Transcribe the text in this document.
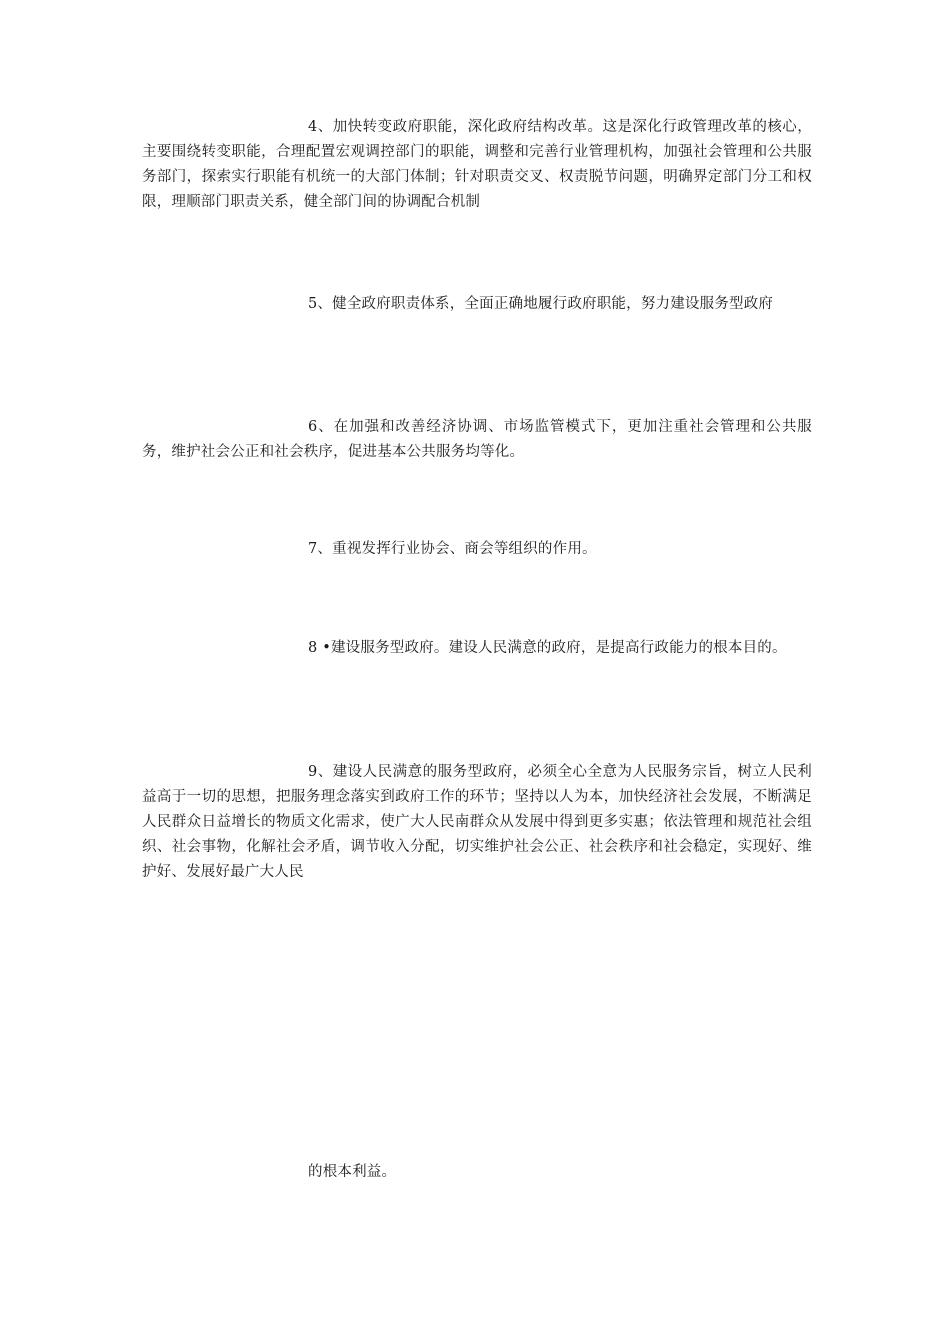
4、加快转变政府职能，深化政府结构改革。这是深化行政管理改革的核心，主要围绕转变职能，合理配置宏观调控部门的职能，调整和完善行业管理机构，加强社会管理和公共服务部门，探索实行职能有机统一的大部门体制；针对职责交叉、权责脱节问题，明确界定部门分工和权限，理顺部门职责关系，健全部门间的协调配合机制

5、健全政府职责体系，全面正确地履行政府职能，努力建设服务型政府

6、在加强和改善经济协调、市场监管模式下，更加注重社会管理和公共服务，维护社会公正和社会秩序，促进基本公共服务均等化。

7、重视发挥行业协会、商会等组织的作用。

8 •建设服务型政府。建设人民满意的政府，是提高行政能力的根本目的。

9、建设人民满意的服务型政府，必须全心全意为人民服务宗旨，树立人民利益高于一切的思想，把服务理念落实到政府工作的环节；坚持以人为本，加快经济社会发展，不断满足人民群众日益增长的物质文化需求，使广大人民南群众从发展中得到更多实惠；依法管理和规范社会组织、社会事物，化解社会矛盾，调节收入分配，切实维护社会公正、社会秩序和社会稳定，实现好、维护好、发展好最广大人民

的根本利益。
